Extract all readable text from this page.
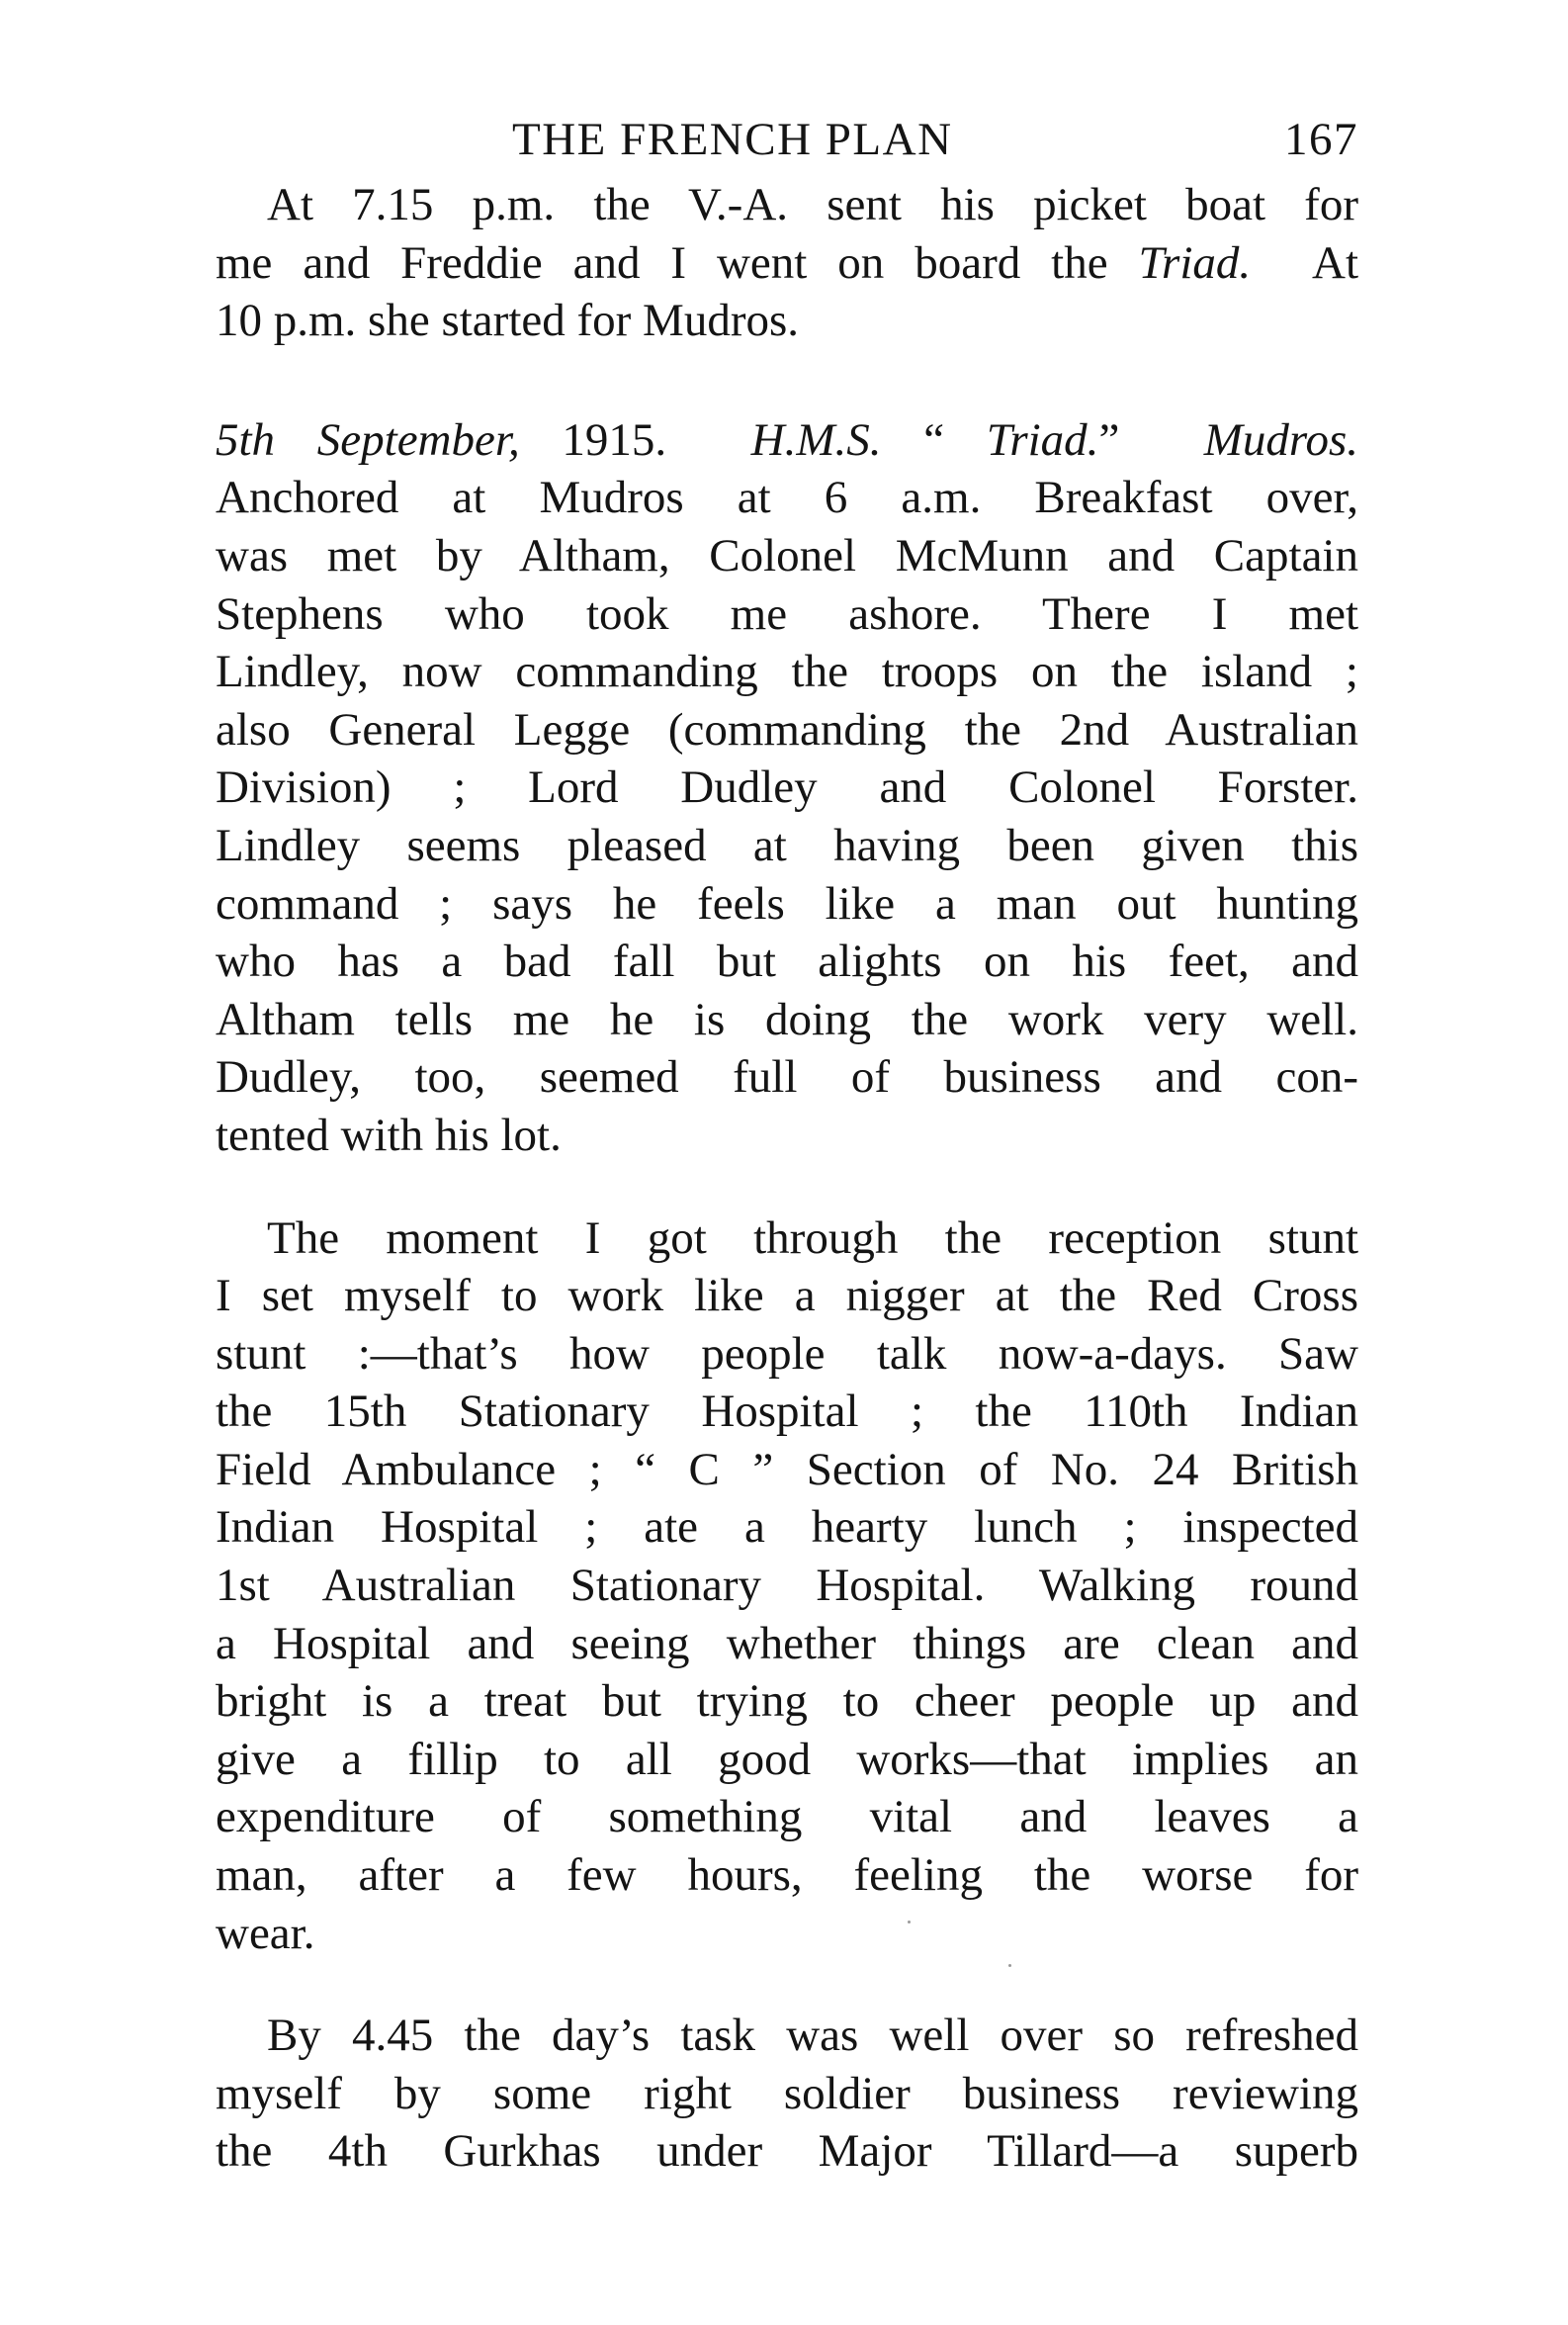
THE FRENCH PLAN	167

At 7.15 p.m. the V.-A. sent his picket boat for
me and Freddie and I went on board the Triad.  At
10 p.m. she started for Mudros.

5th September, 1915.  H.M.S. “ Triad.”  Mudros.
Anchored at Mudros at 6 a.m. Breakfast over,
was met by Altham, Colonel McMunn and Captain
Stephens who took me ashore. There I met
Lindley, now commanding the troops on the island ;
also General Legge (commanding the 2nd Australian
Division) ; Lord Dudley and Colonel Forster.
Lindley seems pleased at having been given this
command ; says he feels like a man out hunting
who has a bad fall but alights on his feet, and
Altham tells me he is doing the work very well.
Dudley, too, seemed full of business and con-
tented with his lot.

The moment I got through the reception stunt
I set myself to work like a nigger at the Red Cross
stunt :—that’s how people talk now-a-days. Saw
the 15th Stationary Hospital ; the 110th Indian
Field Ambulance ; “ C ” Section of No. 24 British
Indian Hospital ; ate a hearty lunch ; inspected
1st Australian Stationary Hospital. Walking round
a Hospital and seeing whether things are clean and
bright is a treat but trying to cheer people up and
give a fillip to all good works—that implies an
expenditure of something vital and leaves a
man, after a few hours, feeling the worse for
wear.

By 4.45 the day’s task was well over so refreshed
myself by some right soldier business reviewing
the 4th Gurkhas under Major Tillard—a superb
